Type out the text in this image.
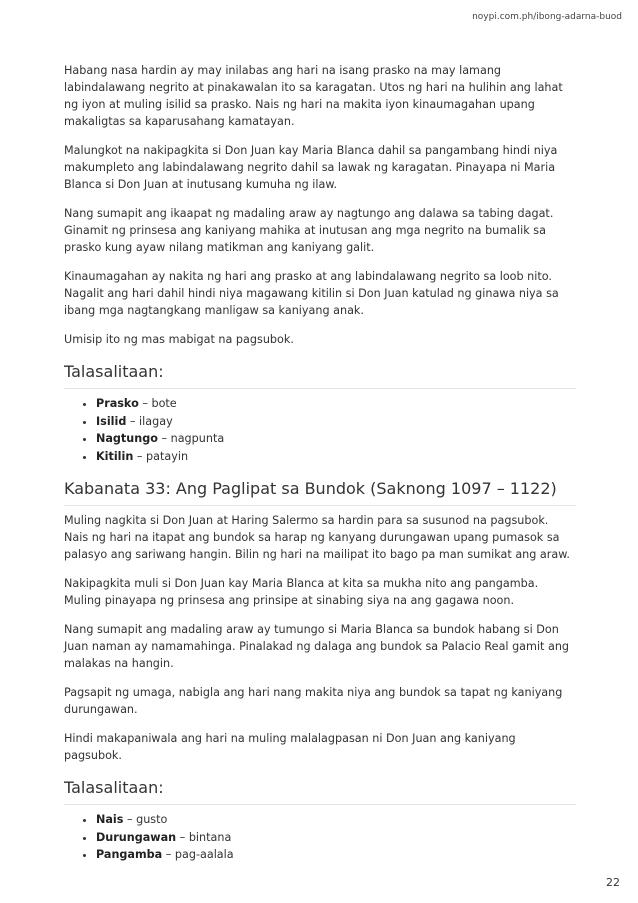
noypi.com.ph/ibong-adarna-buod

Habang nasa hardin ay may inilabas ang hari na isang prasko na may lamang labindalawang negrito at pinakawalan ito sa karagatan. Utos ng hari na hulihin ang lahat ng iyon at muling isilid sa prasko. Nais ng hari na makita iyon kinaumagahan upang makaligtas sa kaparusahang kamatayan.

Malungkot na nakipagkita si Don Juan kay Maria Blanca dahil sa pangambang hindi niya makumpleto ang labindalawang negrito dahil sa lawak ng karagatan. Pinayapa ni Maria Blanca si Don Juan at inutusang kumuha ng ilaw.

Nang sumapit ang ikaapat ng madaling araw ay nagtungo ang dalawa sa tabing dagat. Ginamit ng prinsesa ang kaniyang mahika at inutusan ang mga negrito na bumalik sa prasko kung ayaw nilang matikman ang kaniyang galit.

Kinaumagahan ay nakita ng hari ang prasko at ang labindalawang negrito sa loob nito. Nagalit ang hari dahil hindi niya magawang kitilin si Don Juan katulad ng ginawa niya sa ibang mga nagtangkang manligaw sa kaniyang anak.

Umisip ito ng mas mabigat na pagsubok.

Talasalitaan:
• Prasko – bote
• Isilid – ilagay
• Nagtungo – nagpunta
• Kitilin – patayin
Kabanata 33: Ang Paglipat sa Bundok (Saknong 1097 – 1122)

Muling nagkita si Don Juan at Haring Salermo sa hardin para sa susunod na pagsubok. Nais ng hari na itapat ang bundok sa harap ng kanyang durungawan upang pumasok sa palasyo ang sariwang hangin. Bilin ng hari na mailipat ito bago pa man sumikat ang araw.

Nakipagkita muli si Don Juan kay Maria Blanca at kita sa mukha nito ang pangamba. Muling pinayapa ng prinsesa ang prinsipe at sinabing siya na ang gagawa noon.

Nang sumapit ang madaling araw ay tumungo si Maria Blanca sa bundok habang si Don Juan naman ay namamahinga. Pinalakad ng dalaga ang bundok sa Palacio Real gamit ang malakas na hangin.

Pagsapit ng umaga, nabigla ang hari nang makita niya ang bundok sa tapat ng kaniyang durungawan.

Hindi makapaniwala ang hari na muling malalagpasan ni Don Juan ang kaniyang pagsubok.

Talasalitaan:
• Nais – gusto
• Durungawan – bintana
• Pangamba – pag-aalala
22
